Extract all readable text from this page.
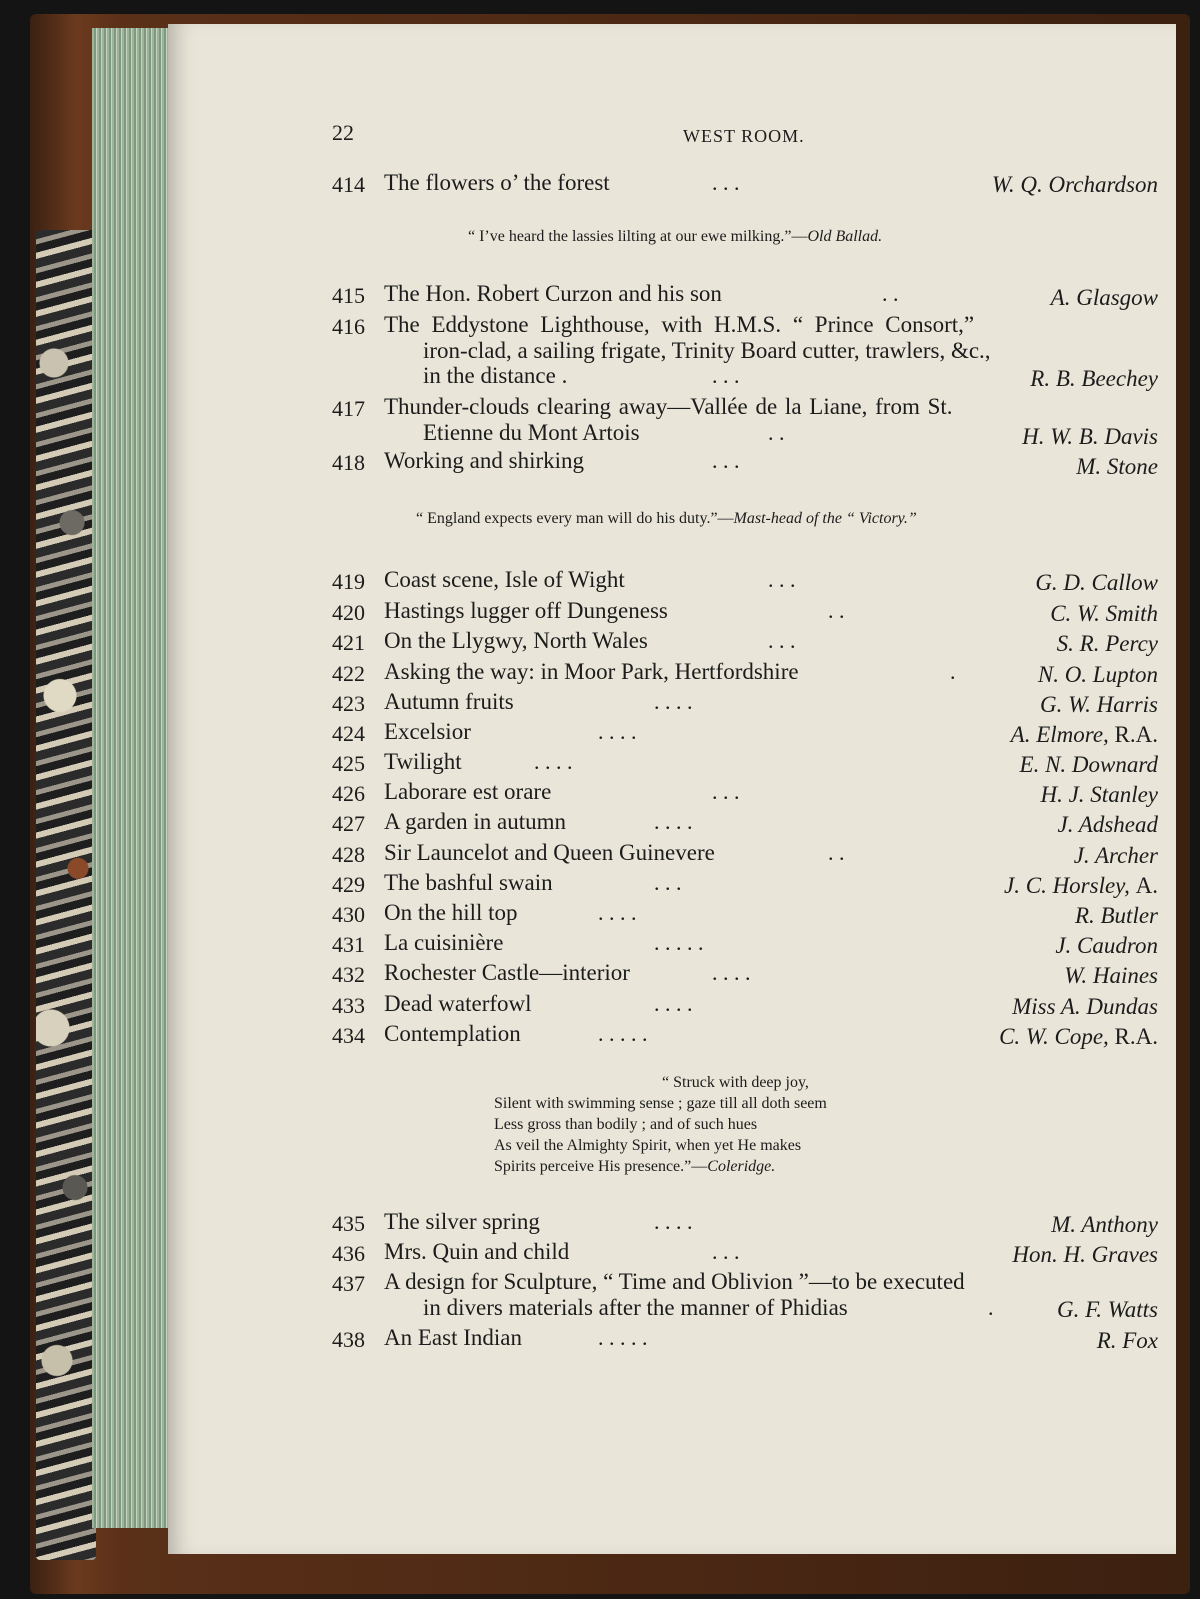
22	WEST ROOM.
414 The flowers o’ the forest	. . .	W. Q. Orchardson
“ I’ve heard the lassies lilting at our ewe milking.”—Old Ballad.
415 The Hon. Robert Curzon and his son	. .	A. Glasgow
416 The Eddystone Lighthouse, with H.M.S. “ Prince Consort,”
iron-clad, a sailing frigate, Trinity Board cutter, trawlers, &c.,
in the distance .	. . .	R. B. Beechey
417 Thunder-clouds clearing away—Vallée de la Liane, from St.
Etienne du Mont Artois	. .	H. W. B. Davis
418 Working and shirking	. . .	M. Stone
“ England expects every man will do his duty.”—Mast-head of the “ Victory.”
419 Coast scene, Isle of Wight	. . .	G. D. Callow
420 Hastings lugger off Dungeness	. .	C. W. Smith
421 On the Llygwy, North Wales	. . .	S. R. Percy
422 Asking the way: in Moor Park, Hertfordshire	.	N. O. Lupton
423 Autumn fruits	. . . .	G. W. Harris
424 Excelsior	. . . .	A. Elmore, R.A.
425 Twilight	. . . .	E. N. Downard
426 Laborare est orare	. . .	H. J. Stanley
427 A garden in autumn	. . . .	J. Adshead
428 Sir Launcelot and Queen Guinevere	. .	J. Archer
429 The bashful swain	. . .	J. C. Horsley, A.
430 On the hill top	. . . .	R. Butler
431 La cuisinière	. . . . .	J. Caudron
432 Rochester Castle—interior	. . . .	W. Haines
433 Dead waterfowl	. . . .	Miss A. Dundas
434 Contemplation	. . . . .	C. W. Cope, R.A.
“ Struck with deep joy,
Silent with swimming sense ; gaze till all doth seem
Less gross than bodily ; and of such hues
As veil the Almighty Spirit, when yet He makes
Spirits perceive His presence.”—Coleridge.
435 The silver spring	. . . .	M. Anthony
436 Mrs. Quin and child	. . .	Hon. H. Graves
437 A design for Sculpture, “ Time and Oblivion ”—to be executed
in divers materials after the manner of Phidias	.	G. F. Watts
438 An East Indian	. . . . .	R. Fox
